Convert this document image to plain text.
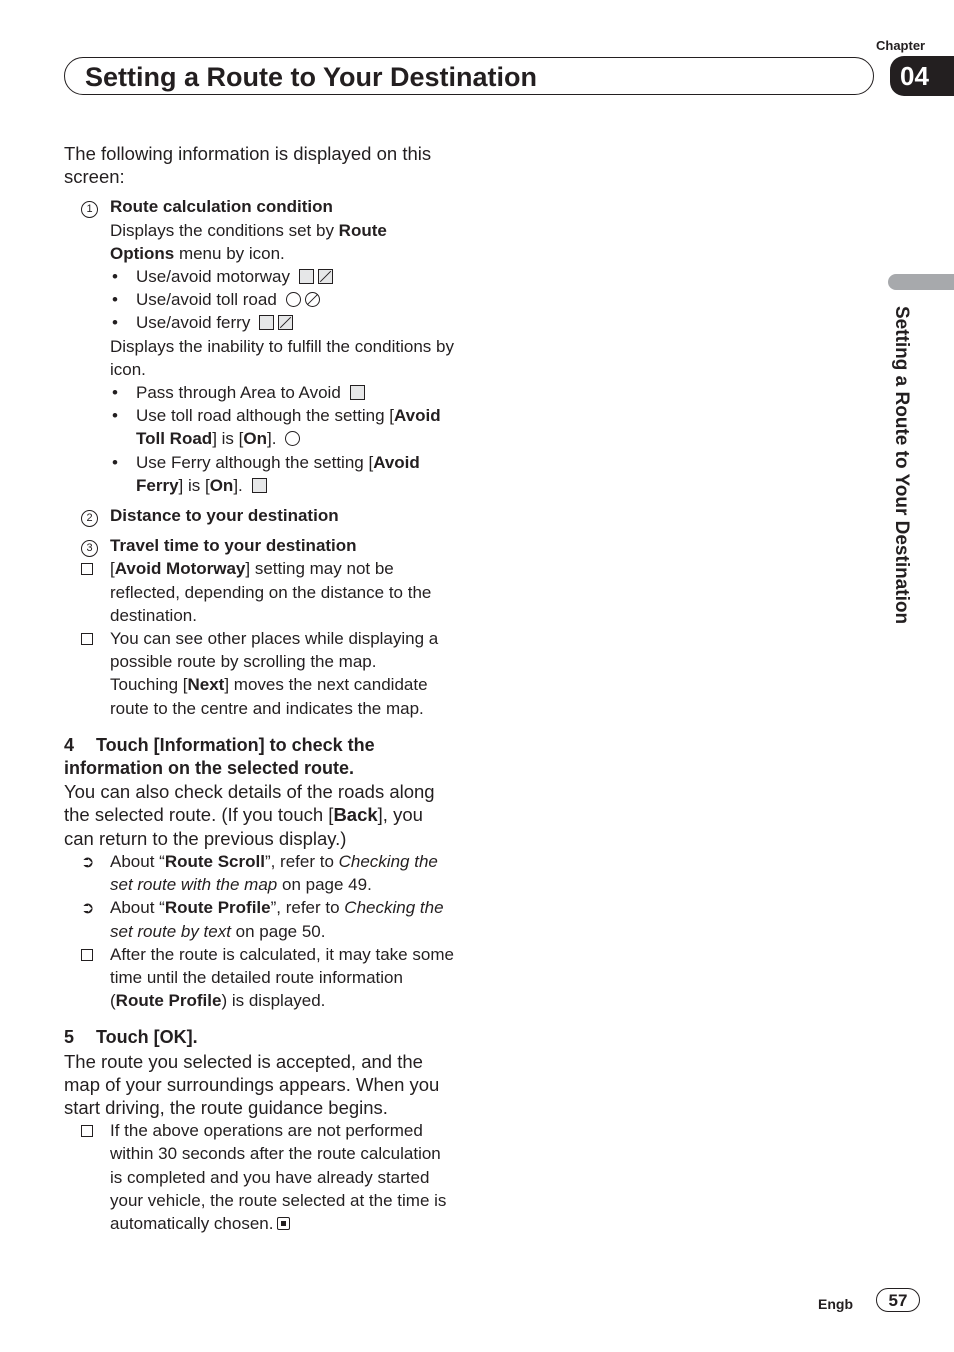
Chapter
04
Setting a Route to Your Destination
Setting a Route to Your Destination

The following information is displayed on this screen:

1	Route calculation condition
Displays the conditions set by Route Options menu by icon.
• Use/avoid motorway
• Use/avoid toll road
• Use/avoid ferry
Displays the inability to fulfill the conditions by icon.
• Pass through Area to Avoid
• Use toll road although the setting [Avoid Toll Road] is [On].
• Use Ferry although the setting [Avoid Ferry] is [On].
2	Distance to your destination
3	Travel time to your destination
[Avoid Motorway] setting may not be reflected, depending on the distance to the destination.
You can see other places while displaying a possible route by scrolling the map.
Touching [Next] moves the next candidate route to the centre and indicates the map.
4 Touch [Information] to check the information on the selected route.

You can also check details of the roads along the selected route. (If you touch [Back], you can return to the previous display.)

➲ About “Route Scroll”, refer to Checking the set route with the map on page 49.
➲ About “Route Profile”, refer to Checking the set route by text on page 50.
After the route is calculated, it may take some time until the detailed route information (Route Profile) is displayed.
5 Touch [OK].

The route you selected is accepted, and the map of your surroundings appears. When you start driving, the route guidance begins.

If the above operations are not performed within 30 seconds after the route calculation is completed and you have already started your vehicle, the route selected at the time is automatically chosen.
Engb	57
